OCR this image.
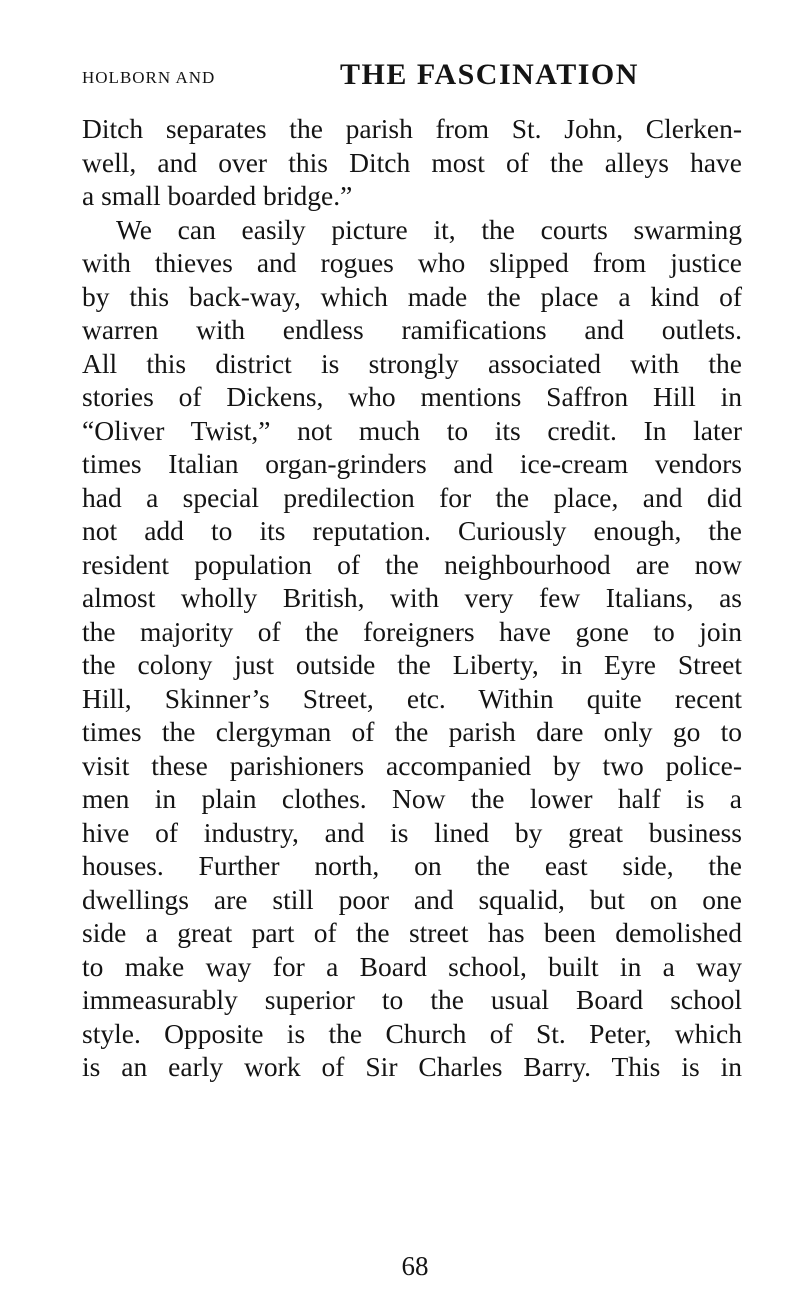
HOLBORN AND	THE FASCINATION
Ditch separates the parish from St. John, Clerken-
well, and over this Ditch most of the alleys have
a small boarded bridge.”
We can easily picture it, the courts swarming
with thieves and rogues who slipped from justice
by this back-way, which made the place a kind of
warren with endless ramifications and outlets.
All this district is strongly associated with the
stories of Dickens, who mentions Saffron Hill in
“Oliver Twist,” not much to its credit. In later
times Italian organ-grinders and ice-cream vendors
had a special predilection for the place, and did
not add to its reputation. Curiously enough, the
resident population of the neighbourhood are now
almost wholly British, with very few Italians, as
the majority of the foreigners have gone to join
the colony just outside the Liberty, in Eyre Street
Hill, Skinner’s Street, etc. Within quite recent
times the clergyman of the parish dare only go to
visit these parishioners accompanied by two police-
men in plain clothes. Now the lower half is a
hive of industry, and is lined by great business
houses. Further north, on the east side, the
dwellings are still poor and squalid, but on one
side a great part of the street has been demolished
to make way for a Board school, built in a way
immeasurably superior to the usual Board school
style. Opposite is the Church of St. Peter, which
is an early work of Sir Charles Barry. This is in
68
